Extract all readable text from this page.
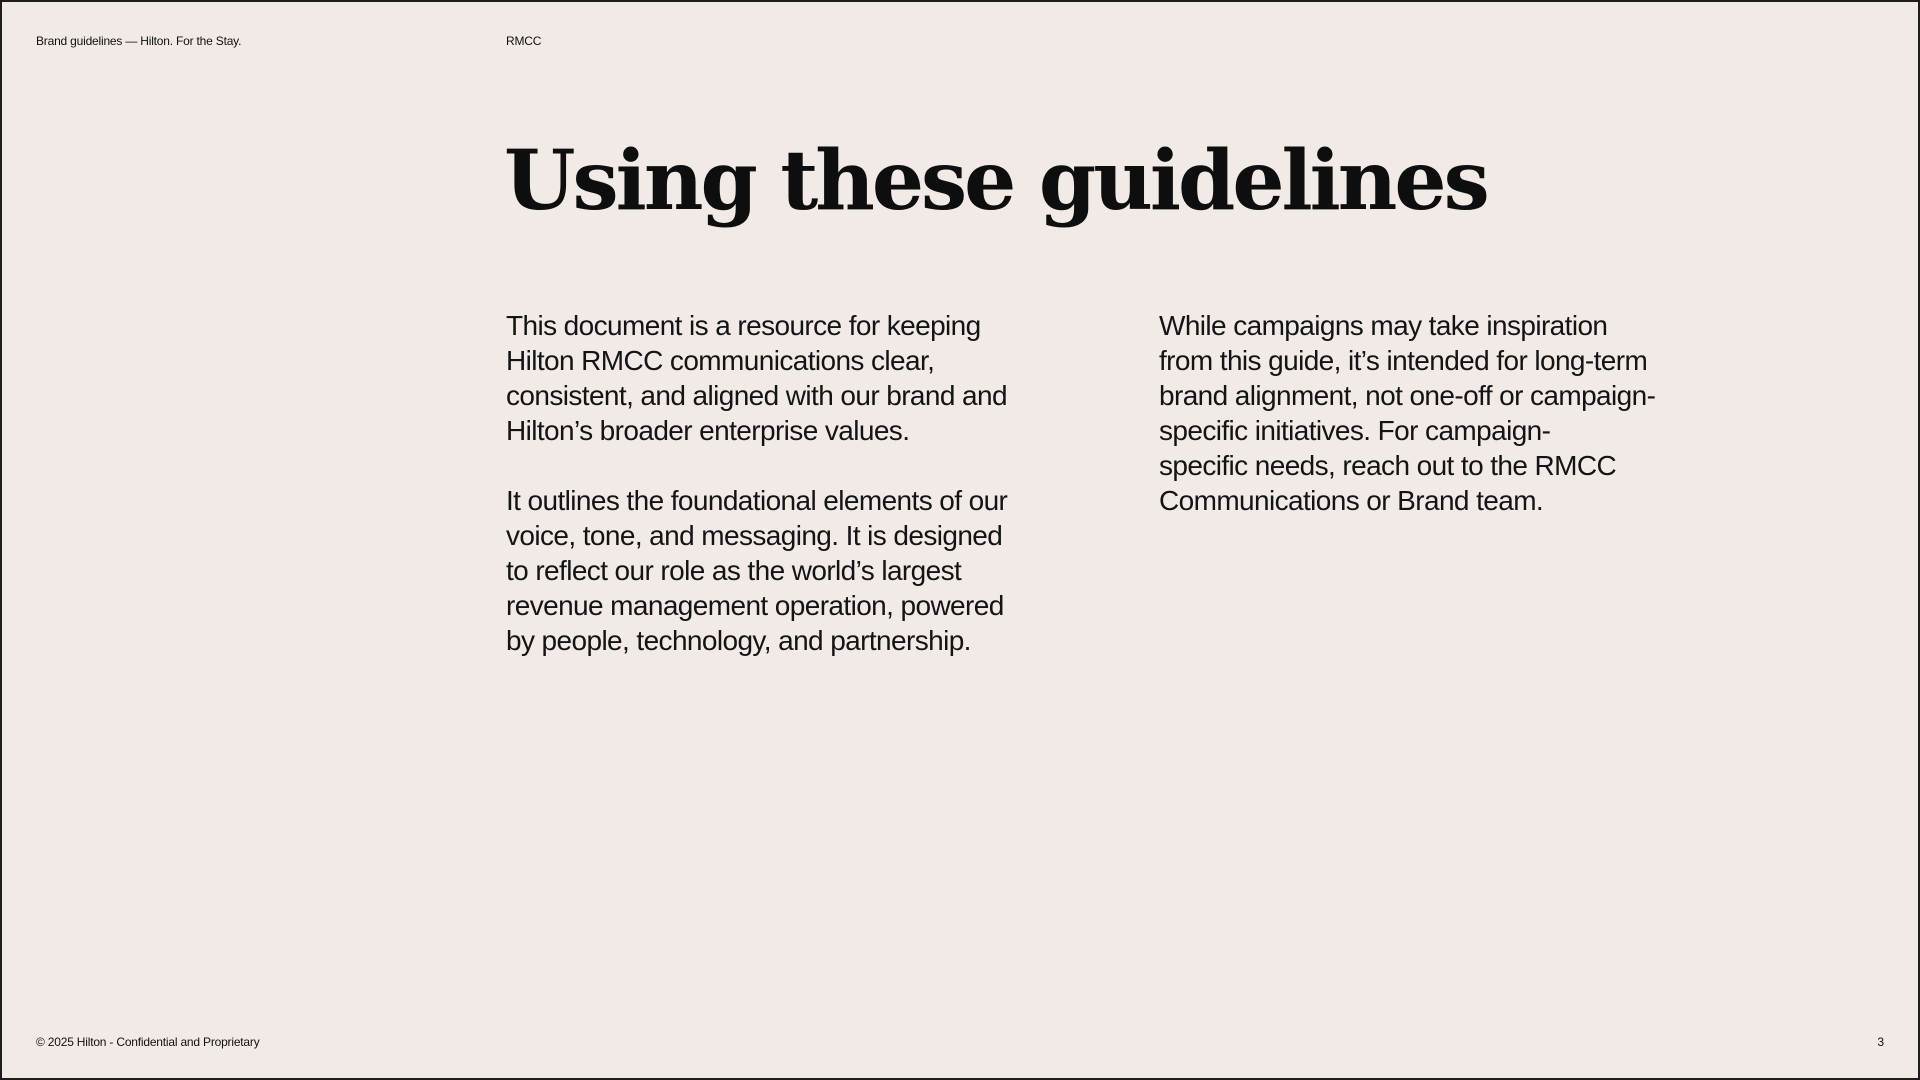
Brand guidelines — Hilton. For the Stay.	RMCC
Using these guidelines

This document is a resource for keeping
Hilton RMCC communications clear,
consistent, and aligned with our brand and
Hilton’s broader enterprise values.

It outlines the foundational elements of our
voice, tone, and messaging. It is designed
to reflect our role as the world’s largest
revenue management operation, powered
by people, technology, and partnership.

While campaigns may take inspiration
from this guide, it’s intended for long-term
brand alignment, not one-off or campaign-
specific initiatives. For campaign-
specific needs, reach out to the RMCC
Communications or Brand team.

© 2025 Hilton - Confidential and Proprietary	3
